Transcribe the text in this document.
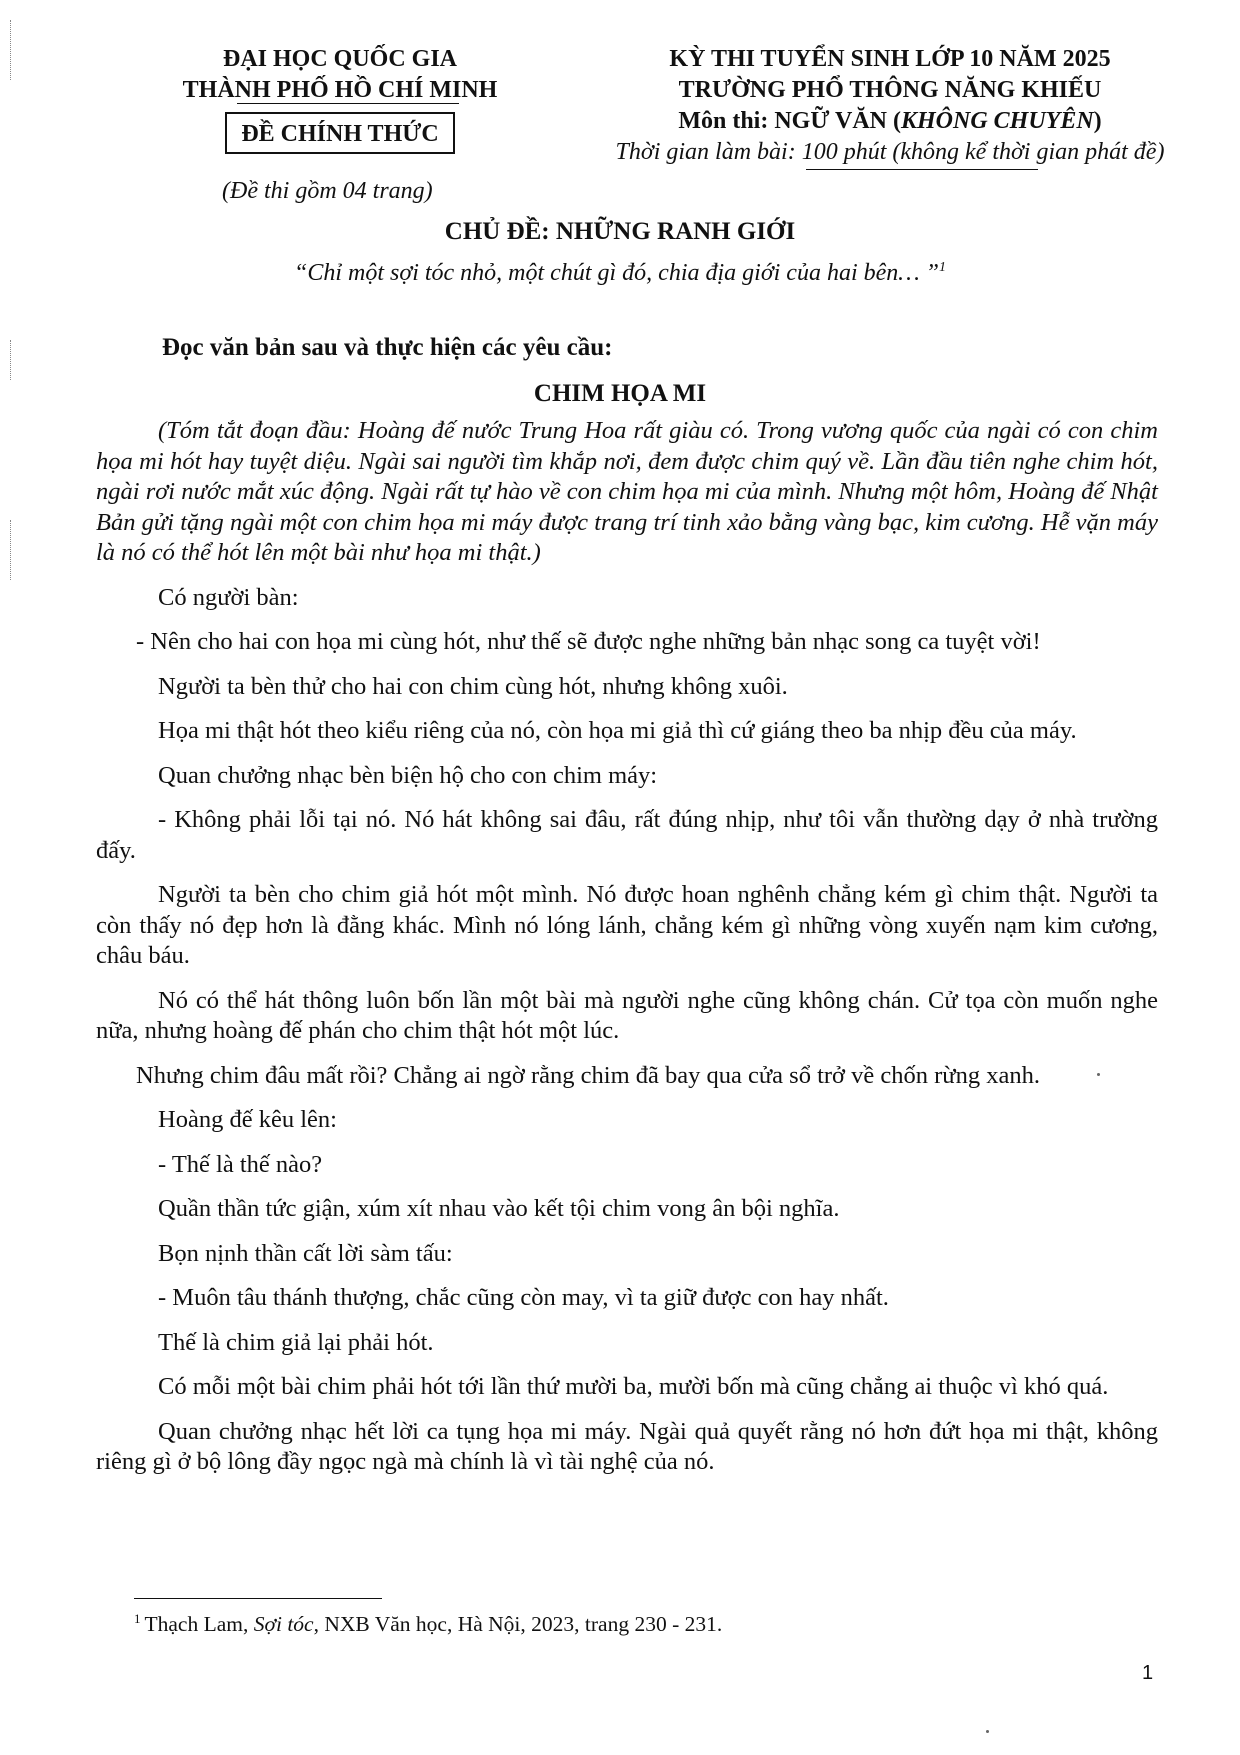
ĐẠI HỌC QUỐC GIA
THÀNH PHỐ HỒ CHÍ MINH
ĐỀ CHÍNH THỨC
KỲ THI TUYỂN SINH LỚP 10 NĂM 2025
TRƯỜNG PHỔ THÔNG NĂNG KHIẾU
Môn thi: NGỮ VĂN (KHÔNG CHUYÊN)
Thời gian làm bài: 100 phút (không kể thời gian phát đề)
(Đề thi gồm 04 trang)
CHỦ ĐỀ: NHỮNG RANH GIỚI
“Chỉ một sợi tóc nhỏ, một chút gì đó, chia địa giới của hai bên… ”$^1$
Đọc văn bản sau và thực hiện các yêu cầu:
CHIM HỌA MI

(Tóm tắt đoạn đầu: Hoàng đế nước Trung Hoa rất giàu có. Trong vương quốc của ngài có con chim họa mi hót hay tuyệt diệu. Ngài sai người tìm khắp nơi, đem được chim quý về. Lần đầu tiên nghe chim hót, ngài rơi nước mắt xúc động. Ngài rất tự hào về con chim họa mi của mình. Nhưng một hôm, Hoàng đế Nhật Bản gửi tặng ngài một con chim họa mi máy được trang trí tinh xảo bằng vàng bạc, kim cương. Hễ vặn máy là nó có thể hót lên một bài như họa mi thật.)

Có người bàn:

- Nên cho hai con họa mi cùng hót, như thế sẽ được nghe những bản nhạc song ca tuyệt vời!

Người ta bèn thử cho hai con chim cùng hót, nhưng không xuôi.

Họa mi thật hót theo kiểu riêng của nó, còn họa mi giả thì cứ giáng theo ba nhịp đều của máy.

Quan chưởng nhạc bèn biện hộ cho con chim máy:

- Không phải lỗi tại nó. Nó hát không sai đâu, rất đúng nhịp, như tôi vẫn thường dạy ở nhà trường đấy.

Người ta bèn cho chim giả hót một mình. Nó được hoan nghênh chẳng kém gì chim thật. Người ta còn thấy nó đẹp hơn là đằng khác. Mình nó lóng lánh, chẳng kém gì những vòng xuyến nạm kim cương, châu báu.

Nó có thể hát thông luôn bốn lần một bài mà người nghe cũng không chán. Cử tọa còn muốn nghe nữa, nhưng hoàng đế phán cho chim thật hót một lúc.

Nhưng chim đâu mất rồi? Chẳng ai ngờ rằng chim đã bay qua cửa sổ trở về chốn rừng xanh.

Hoàng đế kêu lên:

- Thế là thế nào?

Quần thần tức giận, xúm xít nhau vào kết tội chim vong ân bội nghĩa.

Bọn nịnh thần cất lời sàm tấu:

- Muôn tâu thánh thượng, chắc cũng còn may, vì ta giữ được con hay nhất.

Thế là chim giả lại phải hót.

Có mỗi một bài chim phải hót tới lần thứ mười ba, mười bốn mà cũng chẳng ai thuộc vì khó quá.

Quan chưởng nhạc hết lời ca tụng họa mi máy. Ngài quả quyết rằng nó hơn đứt họa mi thật, không riêng gì ở bộ lông đầy ngọc ngà mà chính là vì tài nghệ của nó.

$^1$ Thạch Lam, Sợi tóc, NXB Văn học, Hà Nội, 2023, trang 230 - 231.
1
